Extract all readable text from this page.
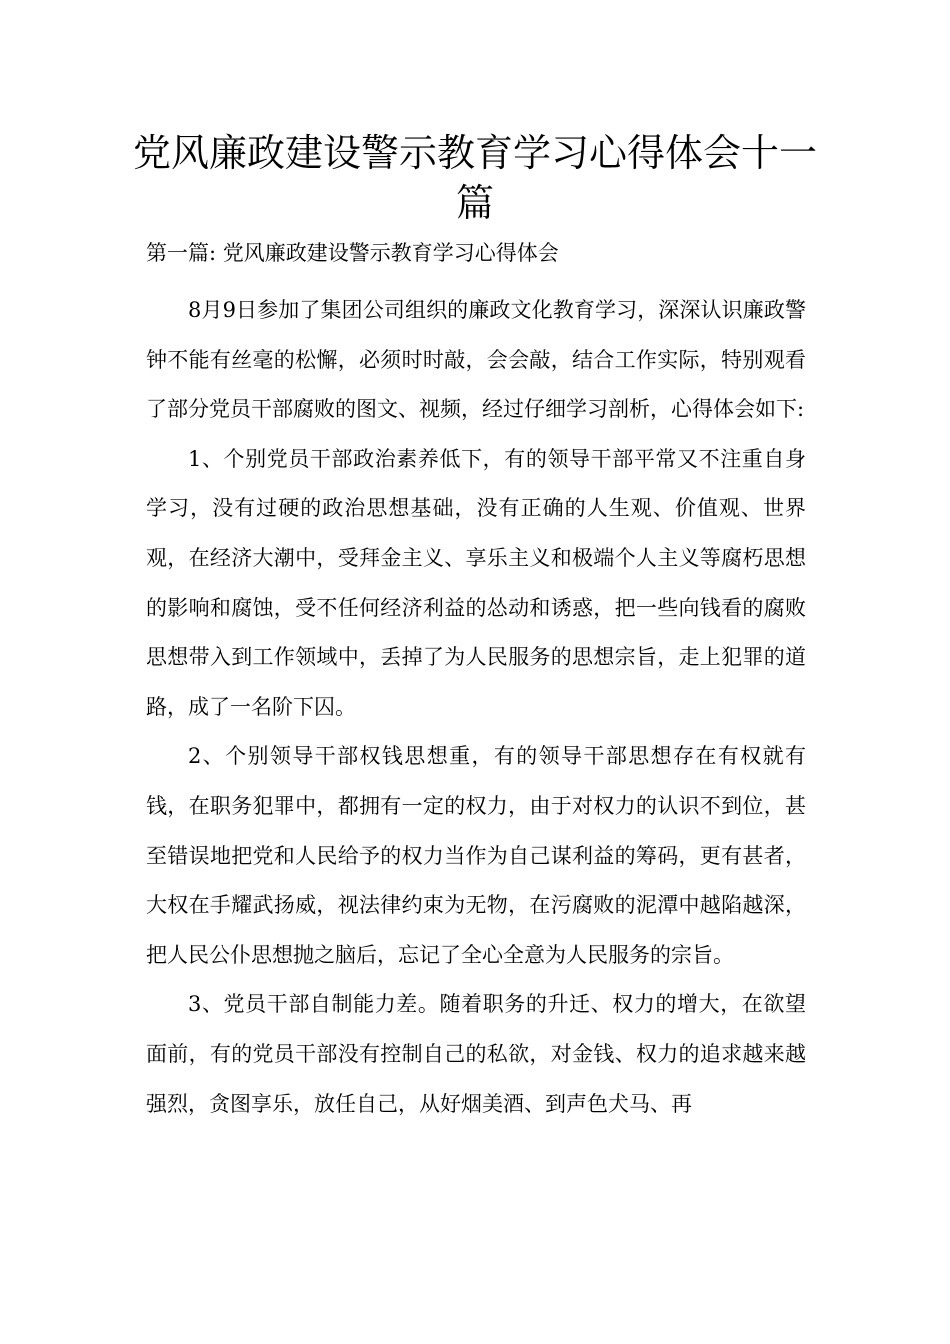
党风廉政建设警示教育学习心得体会十一篇

第一篇: 党风廉政建设警示教育学习心得体会

8月9日参加了集团公司组织的廉政文化教育学习，深深认识廉政警钟不能有丝毫的松懈，必须时时敲，会会敲，结合工作实际，特别观看了部分党员干部腐败的图文、视频，经过仔细学习剖析，心得体会如下:

1、个别党员干部政治素养低下，有的领导干部平常又不注重自身学习，没有过硬的政治思想基础，没有正确的人生观、价值观、世界观，在经济大潮中，受拜金主义、享乐主义和极端个人主义等腐朽思想的影响和腐蚀，受不任何经济利益的怂动和诱惑，把一些向钱看的腐败思想带入到工作领域中，丢掉了为人民服务的思想宗旨，走上犯罪的道路，成了一名阶下囚。

2、个别领导干部权钱思想重，有的领导干部思想存在有权就有钱，在职务犯罪中，都拥有一定的权力，由于对权力的认识不到位，甚至错误地把党和人民给予的权力当作为自己谋利益的筹码，更有甚者，大权在手耀武扬威，视法律约束为无物，在污腐败的泥潭中越陷越深，把人民公仆思想抛之脑后，忘记了全心全意为人民服务的宗旨。

3、党员干部自制能力差。随着职务的升迁、权力的增大，在欲望面前，有的党员干部没有控制自己的私欲，对金钱、权力的追求越来越强烈，贪图享乐，放任自己，从好烟美酒、到声色犬马、再
